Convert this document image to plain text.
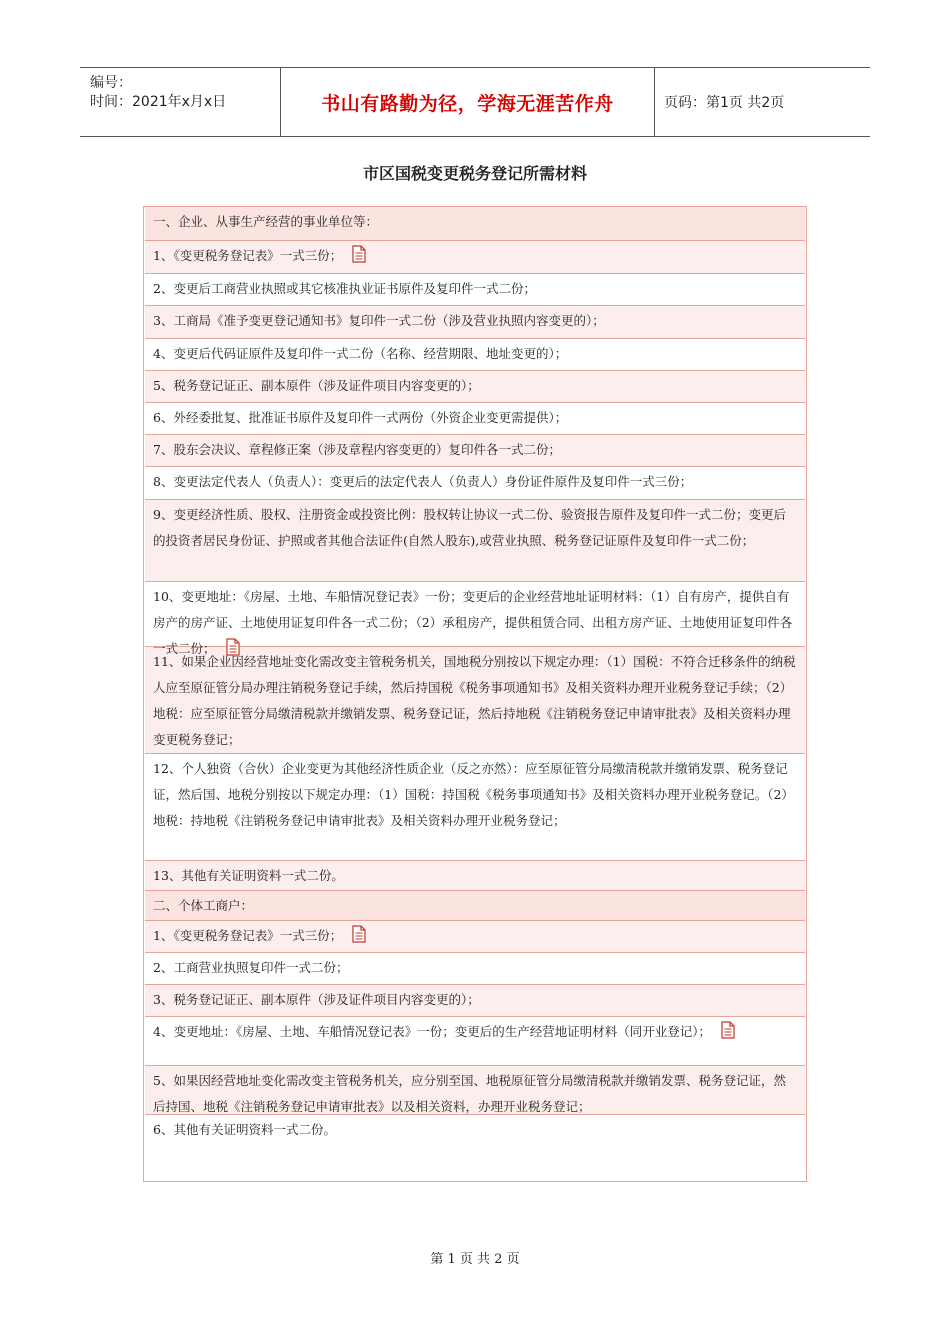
编号：
时间：2021年x月x日	书山有路勤为径，学海无涯苦作舟	页码：第1页 共2页
市区国税变更税务登记所需材料
一、企业、从事生产经营的事业单位等：
1、《变更税务登记表》一式三份；
2、变更后工商营业执照或其它核准执业证书原件及复印件一式二份；
3、工商局《准予变更登记通知书》复印件一式二份（涉及营业执照内容变更的）；
4、变更后代码证原件及复印件一式二份（名称、经营期限、地址变更的）；
5、税务登记证正、副本原件（涉及证件项目内容变更的）；
6、外经委批复、批准证书原件及复印件一式两份（外资企业变更需提供）；
7、股东会决议、章程修正案（涉及章程内容变更的）复印件各一式二份；
8、变更法定代表人（负责人）：变更后的法定代表人（负责人）身份证件原件及复印件一式三份；
9、变更经济性质、股权、注册资金或投资比例：股权转让协议一式二份、验资报告原件及复印件一式二份；变更后的投资者居民身份证、护照或者其他合法证件(自然人股东),或营业执照、税务登记证原件及复印件一式二份；
10、变更地址：《房屋、土地、车船情况登记表》一份；变更后的企业经营地址证明材料：（1）自有房产，提供自有房产的房产证、土地使用证复印件各一式二份；（2）承租房产，提供租赁合同、出租方房产证、土地使用证复印件各
11、如果企业因经营地址变化需改变主管税务机关，国地税分别按以下规定办理：（1）国税：不符合迁移条件的纳税人应至原征管分局办理注销税务登记手续，然后持国税《税务事项通知书》及相关资料办理开业税务登记手续；（2）地税：应至原征管分局缴清税款并缴销发票、税务登记证，然后持地税《注销税务登记申请审批表》及相关资料办理变更税务登记；
12、个人独资（合伙）企业变更为其他经济性质企业（反之亦然）：应至原征管分局缴清税款并缴销发票、税务登记证，然后国、地税分别按以下规定办理：（1）国税：持国税《税务事项通知书》及相关资料办理开业税务登记。（2）地税：持地税《注销税务登记申请审批表》及相关资料办理开业税务登记；
13、其他有关证明资料一式二份。
二、个体工商户：
1、《变更税务登记表》一式三份；
2、工商营业执照复印件一式二份；
3、税务登记证正、副本原件（涉及证件项目内容变更的）；
4、变更地址：《房屋、土地、车船情况登记表》一份；变更后的生产经营地证明材料（同开业登记）；
5、如果因经营地址变化需改变主管税务机关，应分别至国、地税原征管分局缴清税款并缴销发票、税务登记证，然后持国、地税《注销税务登记申请审批表》以及相关资料，办理开业税务登记；
6、其他有关证明资料一式二份。
第 1 页 共 2 页
